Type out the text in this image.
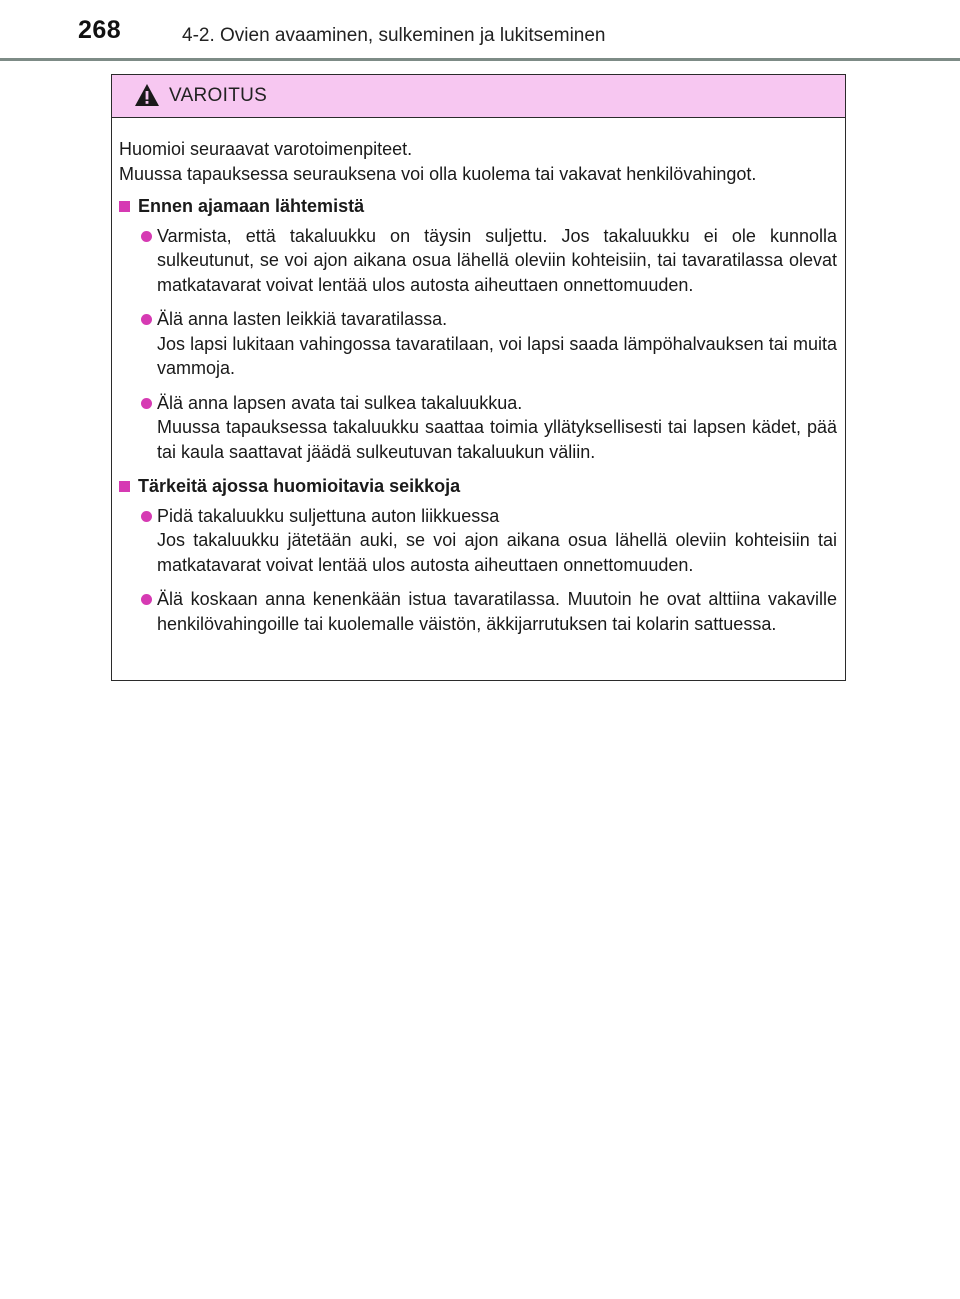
268	4-2. Ovien avaaminen, sulkeminen ja lukitseminen
VAROITUS

Huomioi seuraavat varotoimenpiteet.

Muussa tapauksessa seurauksena voi olla kuolema tai vakavat henkilövahingot.

Ennen ajamaan lähtemistä

Varmista, että takaluukku on täysin suljettu. Jos takaluukku ei ole kunnolla sulkeutunut, se voi ajon aikana osua lähellä oleviin kohteisiin, tai tavaratilassa olevat matkatavarat voivat lentää ulos autosta aiheuttaen onnettomuuden.

Älä anna lasten leikkiä tavaratilassa.

Jos lapsi lukitaan vahingossa tavaratilaan, voi lapsi saada lämpöhalvauksen tai muita vammoja.

Älä anna lapsen avata tai sulkea takaluukkua.

Muussa tapauksessa takaluukku saattaa toimia yllätyksellisesti tai lapsen kädet, pää tai kaula saattavat jäädä sulkeutuvan takaluukun väliin.

Tärkeitä ajossa huomioitavia seikkoja

Pidä takaluukku suljettuna auton liikkuessa

Jos takaluukku jätetään auki, se voi ajon aikana osua lähellä oleviin kohteisiin tai matkatavarat voivat lentää ulos autosta aiheuttaen onnettomuuden.

Älä koskaan anna kenenkään istua tavaratilassa. Muutoin he ovat alttiina vakaville henkilövahingoille tai kuolemalle väistön, äkkijarrutuksen tai kolarin sattuessa.
